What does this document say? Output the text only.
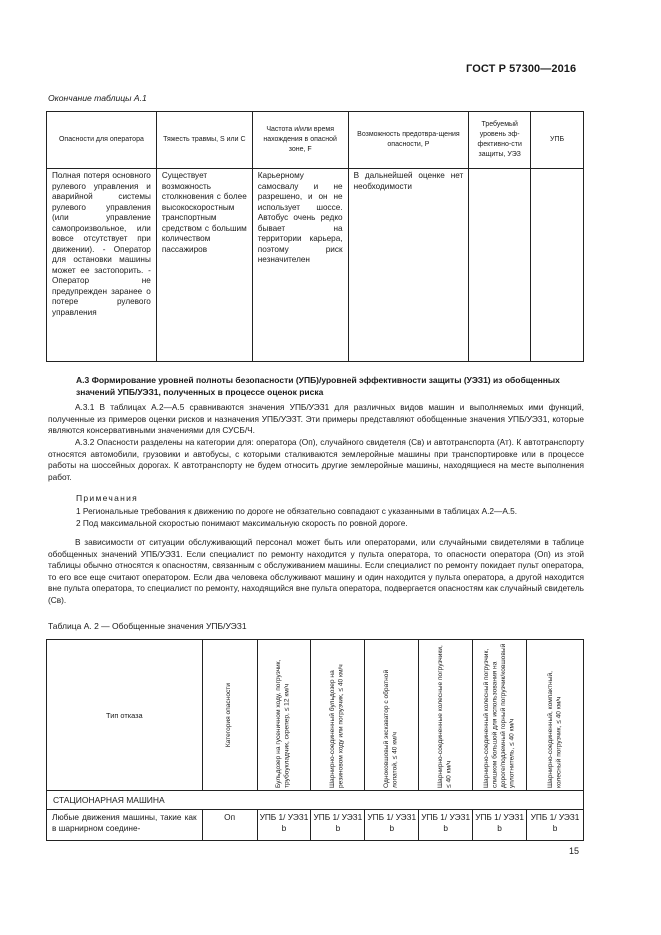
ГОСТ Р 57300—2016
Окончание таблицы А.1
Опасности для оператора	Тяжесть травмы, S или C	Частота и/или время нахождения в опасной зоне, F	Возможность предотвра-щения опасности, P	Требуемый уровень эф-фективно-сти защиты, УЭЗ	УПБ
Полная потеря основного рулевого управления и аварийной системы рулевого управления (или управление самопроизвольное, или вовсе отсутствует при движении). - Оператор для остановки машины может ее застопорить. - Оператор не предупрежден заранее о потере рулевого управления	Существует возможность столкновения с более высокоскоростным транспортным средством с большим количеством пассажиров	Карьерному самосвалу и не разрешено, и он не использует шоссе. Автобус очень редко бывает на территории карьера, поэтому риск незначителен	В дальнейшей оценке нет необходимости		
А.3 Формирование уровней полноты безопасности (УПБ)/уровней эффективности защиты (УЭЗ1) из обобщенных значений УПБ/УЭЗ1, полученных в процессе оценок риска
А.3.1 В таблицах А.2—А.5 сравниваются значения УПБ/УЭЗ1 для различных видов машин и выполняемых ими функций, полученные из примеров оценки рисков и назначения УПБ/УЭЗТ. Эти примеры представляют обобщенные значения УПБ/УЭЗ1, которые являются консервативными значениями для СУСБ/Ч.
А.3.2 Опасности разделены на категории для: оператора (Оп), случайного свидетеля (Св) и автотранспорта (Ат). К автотранспорту относятся автомобили, грузовики и автобусы, с которыми сталкиваются землеройные машины при транспортировке или в процессе работы на шоссейных дорогах. К автотранспорту не будем относить другие землеройные машины, находящиеся на месте выполнения работ.
Примечания
1 Региональные требования к движению по дороге не обязательно совпадают с указанными в таблицах А.2—А.5.
2 Под максимальной скоростью понимают максимальную скорость по ровной дороге.
В зависимости от ситуации обслуживающий персонал может быть или операторами, или случайными свидетелями в таблице обобщенных значений УПБ/УЭЗ1. Если специалист по ремонту находится у пульта оператора, то опасности оператора (Оп) из этой таблицы обычно относятся к опасностям, связанным с обслуживанием машины. Если специалист по ремонту покидает пульт оператора, то его все еще считают оператором. Если два человека обслуживают машину и один находится у пульта оператора, а другой находится вне пульта оператора, то специалист по ремонту, находящийся вне пульта оператора, подвергается опасностям как случайный свидетель (Св).
Таблица А. 2 — Обобщенные значения УПБ/УЭЗ1
Тип отказа	Категория опасности	Бульдозер на гусеничном ходу, погрузчик, трубоукладчик, скрепер, ≤ 12 км/ч	Шарнирно-соединенный бульдозер на резиновом ходу или погрузчик, ≤ 40 км/ч	Одноковшовый экскаватор с обратной лопатой, ≤ 40 км/ч	Шарнирно-соединенные колесные погрузчики, ≤ 40 км/ч	Шарнирно-соединенный колесный погрузчик, слишком большой для использования на дороге/подземный горный погрузчик/ковшовый уплотнитель, ≤ 40 км/ч	Шарнирно-соединенный, компактный, колесный погрузчик, ≤ 40 км/ч

СТАЦИОНАРНАЯ МАШИНА							
Любые движения машины, такие как в шарнирном соедине-	Оп	УПБ 1/ УЭЗ1 b	УПБ 1/ УЭЗ1 b	УПБ 1/ УЭЗ1 b	УПБ 1/ УЭЗ1 b	УПБ 1/ УЭЗ1 b	УПБ 1/ УЭЗ1 b
15
